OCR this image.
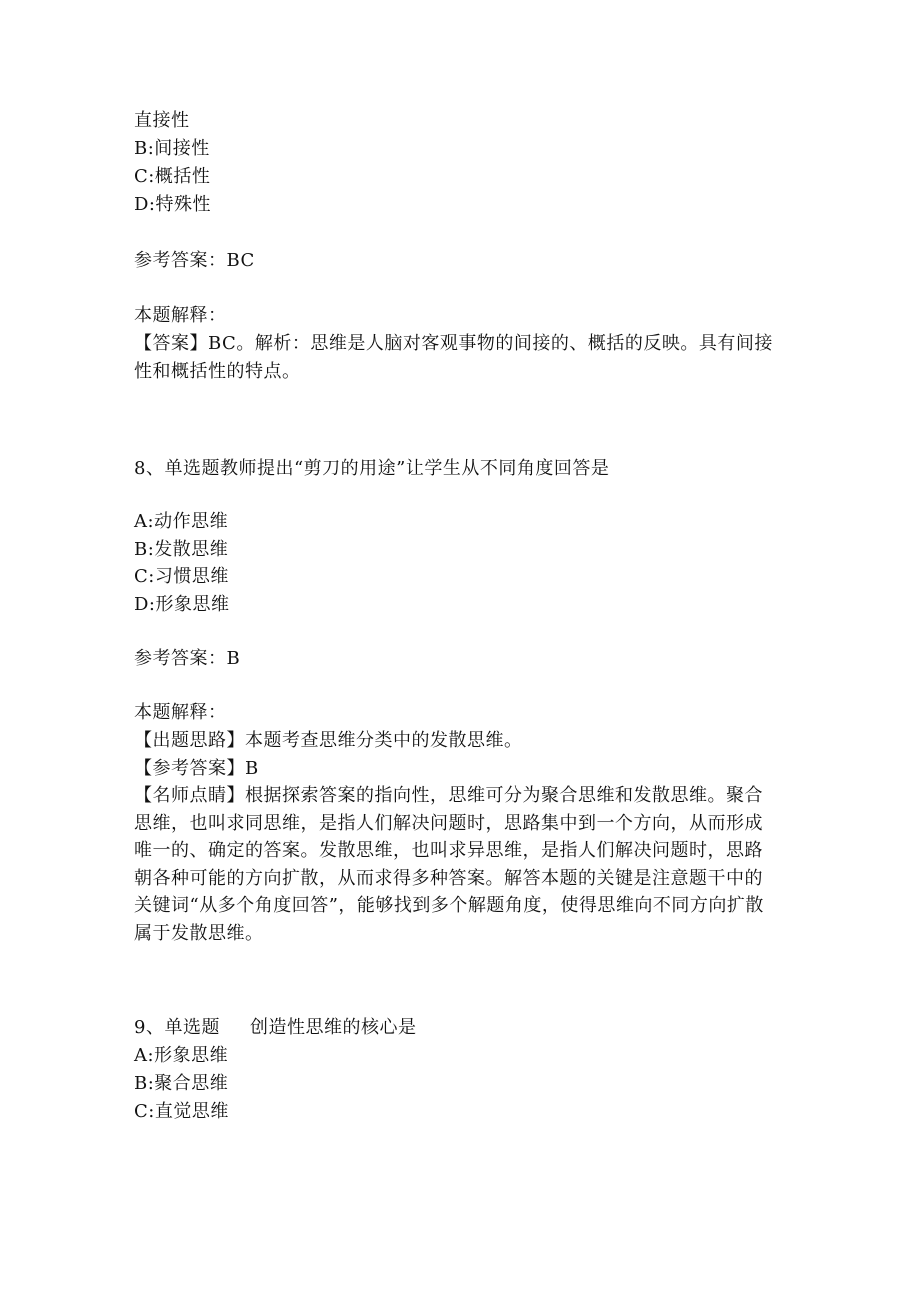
直接性
B:间接性
C:概括性
D:特殊性
参考答案：BC
本题解释：
【答案】BC。解析：思维是人脑对客观事物的间接的、概括的反映。具有间接性和概括性的特点。
8、单选题教师提出“剪刀的用途”让学生从不同角度回答是
A:动作思维
B:发散思维
C:习惯思维
D:形象思维
参考答案：B
本题解释：
【出题思路】本题考查思维分类中的发散思维。
【参考答案】B
【名师点睛】根据探索答案的指向性，思维可分为聚合思维和发散思维。聚合思维，也叫求同思维，是指人们解决问题时，思路集中到一个方向，从而形成唯一的、确定的答案。发散思维，也叫求异思维，是指人们解决问题时，思路朝各种可能的方向扩散，从而求得多种答案。解答本题的关键是注意题干中的关键词“从多个角度回答”，能够找到多个解题角度，使得思维向不同方向扩散属于发散思维。
9、单选题 创造性思维的核心是
A:形象思维
B:聚合思维
C:直觉思维
